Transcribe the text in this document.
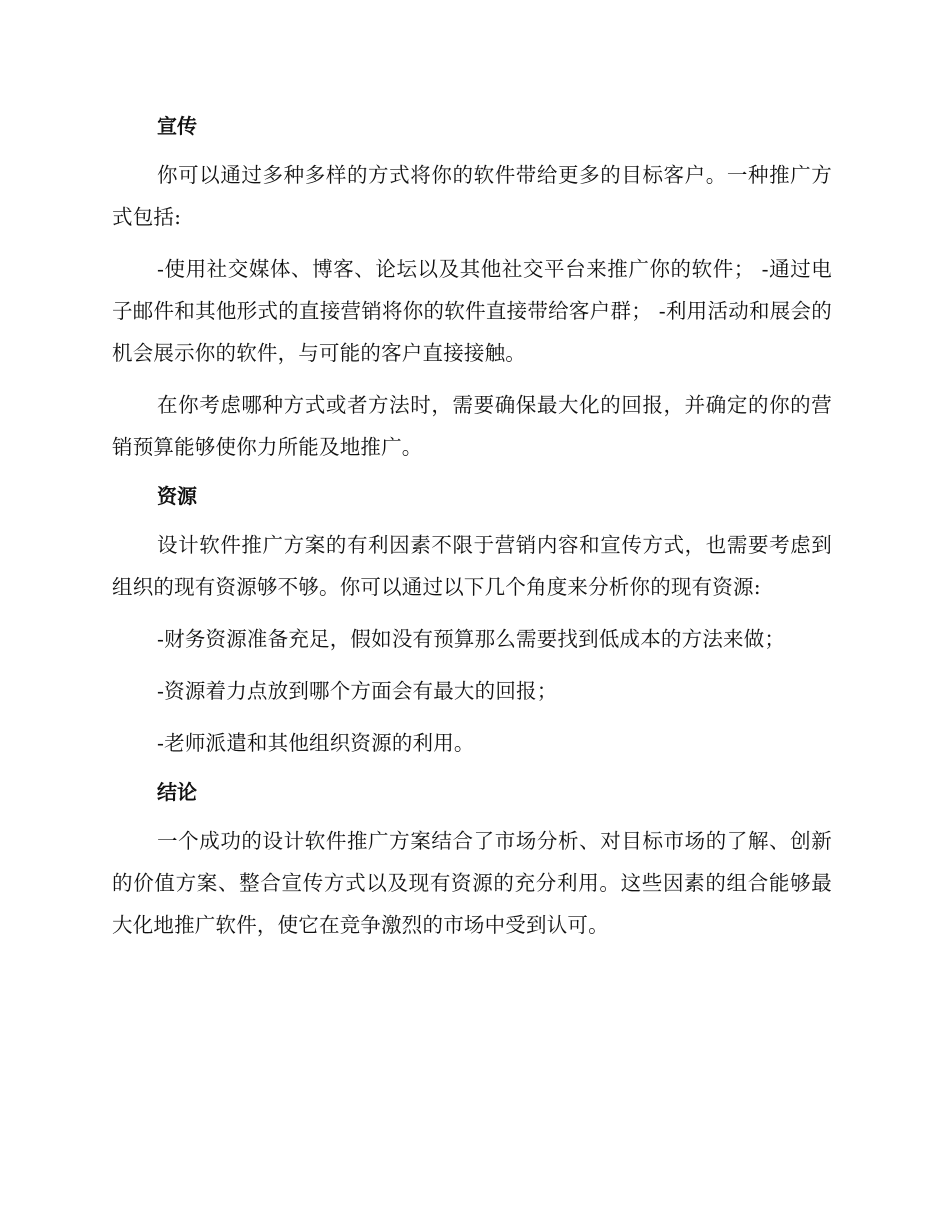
宣传

你可以通过多种多样的方式将你的软件带给更多的目标客户。一种推广方式包括:

-使用社交媒体、博客、论坛以及其他社交平台来推广你的软件； -通过电子邮件和其他形式的直接营销将你的软件直接带给客户群； -利用活动和展会的机会展示你的软件，与可能的客户直接接触。

在你考虑哪种方式或者方法时，需要确保最大化的回报，并确定的你的营销预算能够使你力所能及地推广。

资源

设计软件推广方案的有利因素不限于营销内容和宣传方式，也需要考虑到组织的现有资源够不够。你可以通过以下几个角度来分析你的现有资源:

-财务资源准备充足，假如没有预算那么需要找到低成本的方法来做；

-资源着力点放到哪个方面会有最大的回报；

-老师派遣和其他组织资源的利用。

结论

一个成功的设计软件推广方案结合了市场分析、对目标市场的了解、创新的价值方案、整合宣传方式以及现有资源的充分利用。这些因素的组合能够最大化地推广软件，使它在竞争激烈的市场中受到认可。
